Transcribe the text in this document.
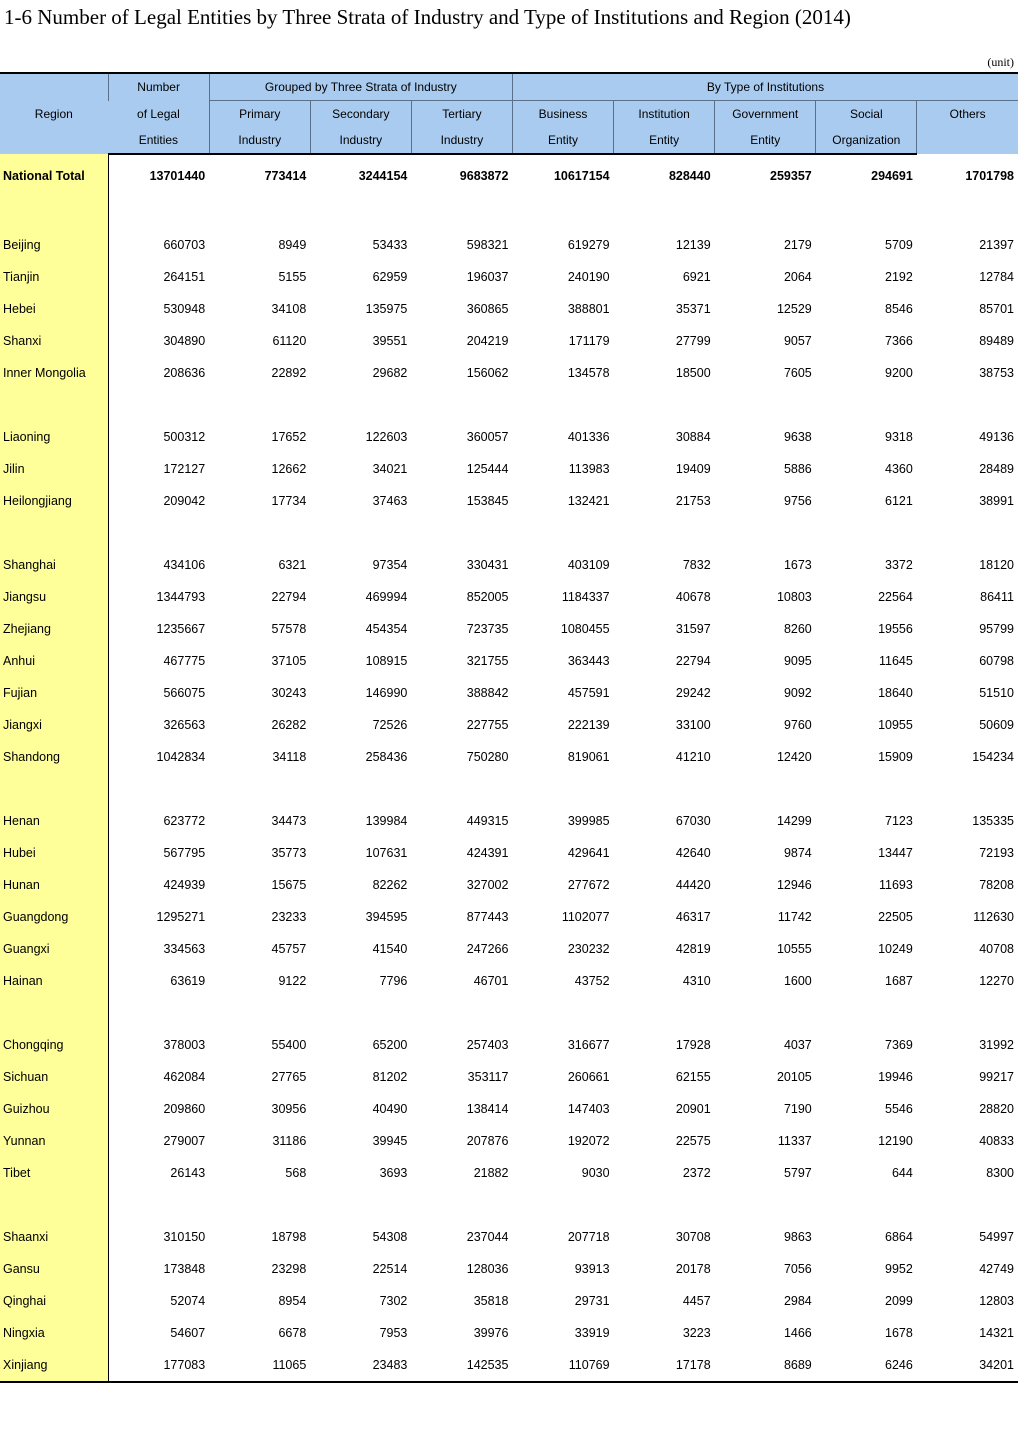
1-6 Number of Legal Entities by Three Strata of Industry and Type of Institutions and Region (2014)
(unit)
Region	Number	Grouped by Three Strata of Industry			By Type of Institutions				
	of Legal	Primary	Secondary	Tertiary	Business	Institution	Government	Social	Others
	Entities	Industry	Industry	Industry	Entity	Entity	Entity	Organization	
National Total	13701440	773414	3244154	9683872	10617154	828440	259357	294691	1701798

Beijing	660703	8949	53433	598321	619279	12139	2179	5709	21397
Tianjin	264151	5155	62959	196037	240190	6921	2064	2192	12784
Hebei	530948	34108	135975	360865	388801	35371	12529	8546	85701
Shanxi	304890	61120	39551	204219	171179	27799	9057	7366	89489
Inner Mongolia	208636	22892	29682	156062	134578	18500	7605	9200	38753

Liaoning	500312	17652	122603	360057	401336	30884	9638	9318	49136
Jilin	172127	12662	34021	125444	113983	19409	5886	4360	28489
Heilongjiang	209042	17734	37463	153845	132421	21753	9756	6121	38991

Shanghai	434106	6321	97354	330431	403109	7832	1673	3372	18120
Jiangsu	1344793	22794	469994	852005	1184337	40678	10803	22564	86411
Zhejiang	1235667	57578	454354	723735	1080455	31597	8260	19556	95799
Anhui	467775	37105	108915	321755	363443	22794	9095	11645	60798
Fujian	566075	30243	146990	388842	457591	29242	9092	18640	51510
Jiangxi	326563	26282	72526	227755	222139	33100	9760	10955	50609
Shandong	1042834	34118	258436	750280	819061	41210	12420	15909	154234

Henan	623772	34473	139984	449315	399985	67030	14299	7123	135335
Hubei	567795	35773	107631	424391	429641	42640	9874	13447	72193
Hunan	424939	15675	82262	327002	277672	44420	12946	11693	78208
Guangdong	1295271	23233	394595	877443	1102077	46317	11742	22505	112630
Guangxi	334563	45757	41540	247266	230232	42819	10555	10249	40708
Hainan	63619	9122	7796	46701	43752	4310	1600	1687	12270

Chongqing	378003	55400	65200	257403	316677	17928	4037	7369	31992
Sichuan	462084	27765	81202	353117	260661	62155	20105	19946	99217
Guizhou	209860	30956	40490	138414	147403	20901	7190	5546	28820
Yunnan	279007	31186	39945	207876	192072	22575	11337	12190	40833
Tibet	26143	568	3693	21882	9030	2372	5797	644	8300

Shaanxi	310150	18798	54308	237044	207718	30708	9863	6864	54997
Gansu	173848	23298	22514	128036	93913	20178	7056	9952	42749
Qinghai	52074	8954	7302	35818	29731	4457	2984	2099	12803
Ningxia	54607	6678	7953	39976	33919	3223	1466	1678	14321
Xinjiang	177083	11065	23483	142535	110769	17178	8689	6246	34201
